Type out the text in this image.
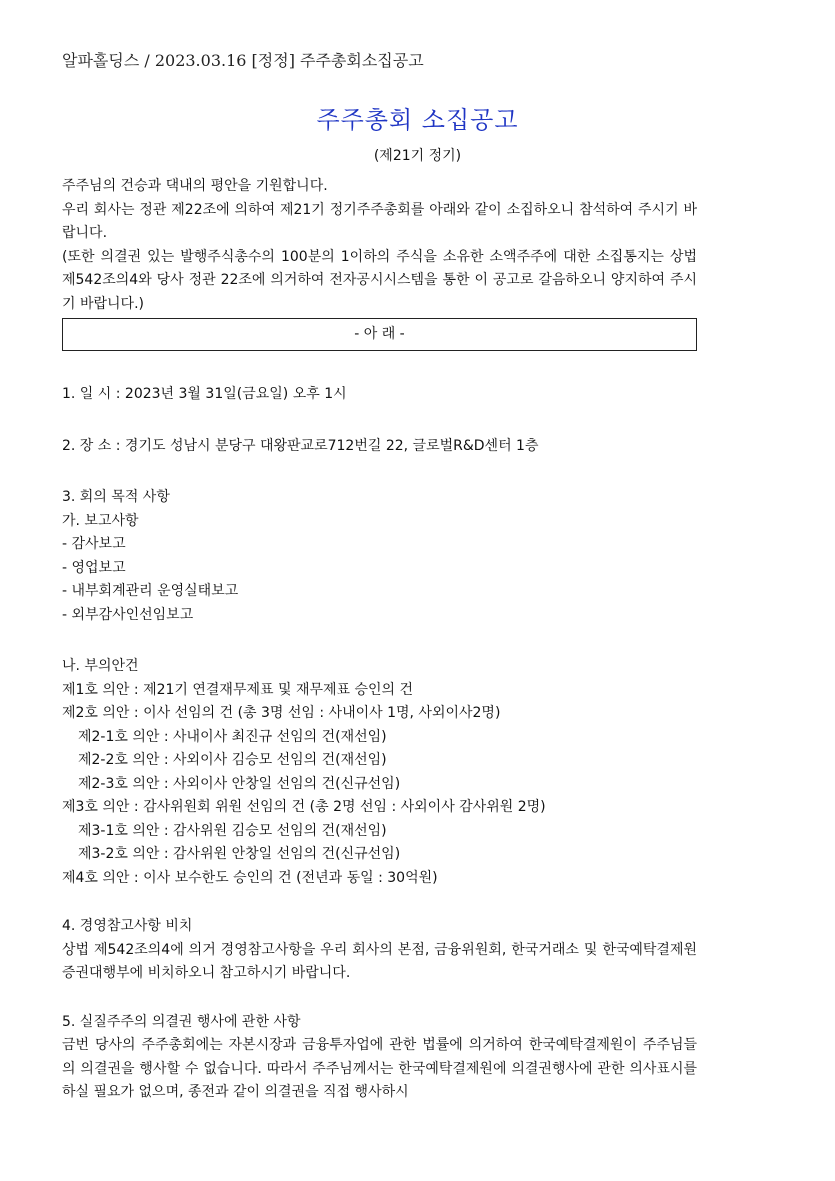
알파홀딩스 / 2023.03.16 [정정] 주주총회소집공고
주주총회 소집공고
(제21기 정기)

주주님의 건승과 댁내의 평안을 기원합니다.

우리 회사는 정관 제22조에 의하여 제21기 정기주주총회를 아래와 같이 소집하오니 참석하여 주시기 바랍니다.

(또한 의결권 있는 발행주식총수의 100분의 1이하의 주식을 소유한 소액주주에 대한 소집통지는 상법 제542조의4와 당사 정관 22조에 의거하여 전자공시시스템을 통한 이 공고로 갈음하오니 양지하여 주시기 바랍니다.)

- 아 래 -

1. 일 시 : 2023년 3월 31일(금요일) 오후 1시

2. 장 소 : 경기도 성남시 분당구 대왕판교로712번길 22, 글로벌R&D센터 1층

3. 회의 목적 사항

가. 보고사항

- 감사보고

- 영업보고

- 내부회계관리 운영실태보고

- 외부감사인선임보고

나. 부의안건

제1호 의안 : 제21기 연결재무제표 및 재무제표 승인의 건

제2호 의안 : 이사 선임의 건 (총 3명 선임 : 사내이사 1명, 사외이사2명)

제2-1호 의안 : 사내이사 최진규 선임의 건(재선임)

제2-2호 의안 : 사외이사 김승모 선임의 건(재선임)

제2-3호 의안 : 사외이사 안창일 선임의 건(신규선임)

제3호 의안 : 감사위원회 위원 선임의 건 (총 2명 선임 : 사외이사 감사위원 2명)

제3-1호 의안 : 감사위원 김승모 선임의 건(재선임)

제3-2호 의안 : 감사위원 안창일 선임의 건(신규선임)

제4호 의안 : 이사 보수한도 승인의 건 (전년과 동일 : 30억원)

4. 경영참고사항 비치

상법 제542조의4에 의거 경영참고사항을 우리 회사의 본점, 금융위원회, 한국거래소 및 한국예탁결제원 증권대행부에 비치하오니 참고하시기 바랍니다.

5. 실질주주의 의결권 행사에 관한 사항

금번 당사의 주주총회에는 자본시장과 금융투자업에 관한 법률에 의거하여 한국예탁결제원이 주주님들의 의결권을 행사할 수 없습니다. 따라서 주주님께서는 한국예탁결제원에 의결권행사에 관한 의사표시를 하실 필요가 없으며, 종전과 같이 의결권을 직접 행사하시
